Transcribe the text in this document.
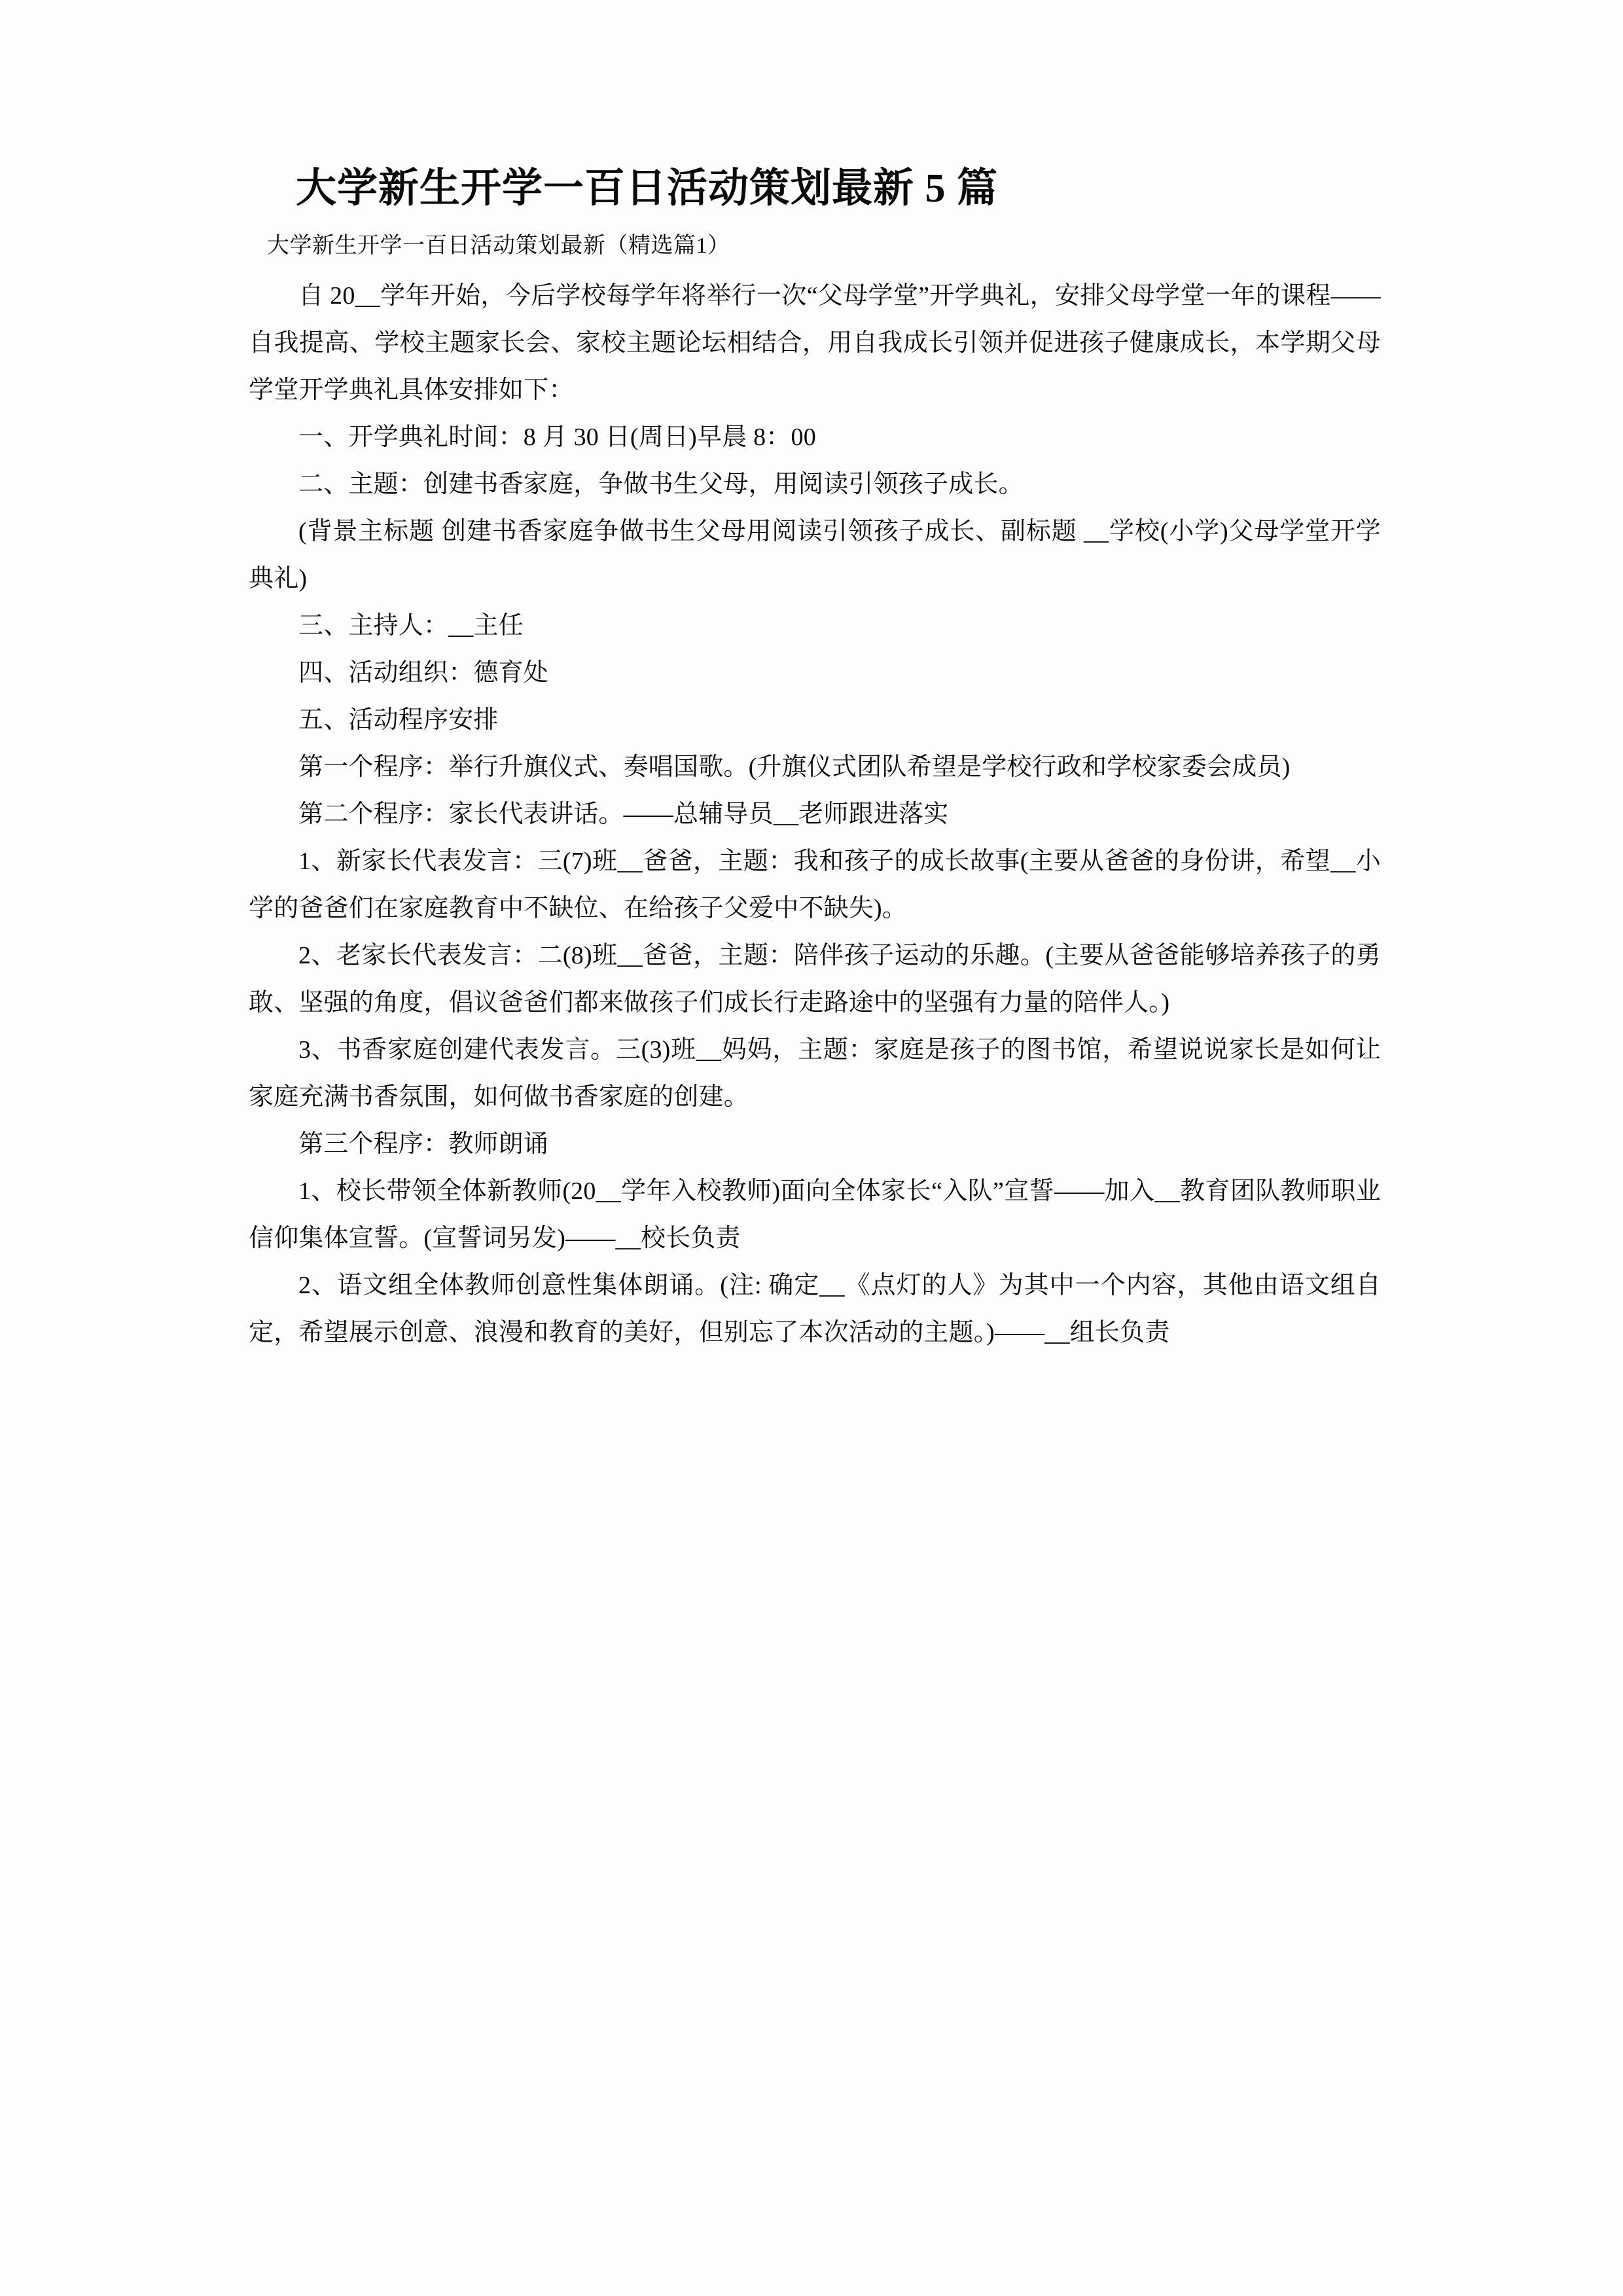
大学新生开学一百日活动策划最新 5 篇

大学新生开学一百日活动策划最新（精选篇1）

自 20__学年开始，今后学校每学年将举行一次“父母学堂”开学典礼，安排父母学堂一年的课程——自我提高、学校主题家长会、家校主题论坛相结合，用自我成长引领并促进孩子健康成长，本学期父母学堂开学典礼具体安排如下：

一、开学典礼时间：8 月 30 日(周日)早晨 8：00

二、主题：创建书香家庭，争做书生父母，用阅读引领孩子成长。

(背景主标题 创建书香家庭争做书生父母用阅读引领孩子成长、副标题 __学校(小学)父母学堂开学典礼)

三、主持人：__主任

四、活动组织：德育处

五、活动程序安排

第一个程序：举行升旗仪式、奏唱国歌。(升旗仪式团队希望是学校行政和学校家委会成员)

第二个程序：家长代表讲话。——总辅导员__老师跟进落实

1、新家长代表发言：三(7)班__爸爸，主题：我和孩子的成长故事(主要从爸爸的身份讲，希望__小学的爸爸们在家庭教育中不缺位、在给孩子父爱中不缺失)。

2、老家长代表发言：二(8)班__爸爸，主题：陪伴孩子运动的乐趣。(主要从爸爸能够培养孩子的勇敢、坚强的角度，倡议爸爸们都来做孩子们成长行走路途中的坚强有力量的陪伴人。)

3、书香家庭创建代表发言。三(3)班__妈妈，主题：家庭是孩子的图书馆，希望说说家长是如何让家庭充满书香氛围，如何做书香家庭的创建。

第三个程序：教师朗诵

1、校长带领全体新教师(20__学年入校教师)面向全体家长“入队”宣誓——加入__教育团队教师职业信仰集体宣誓。(宣誓词另发)——__校长负责

2、语文组全体教师创意性集体朗诵。(注: 确定__《点灯的人》为其中一个内容，其他由语文组自定，希望展示创意、浪漫和教育的美好，但别忘了本次活动的主题。)——__组长负责
